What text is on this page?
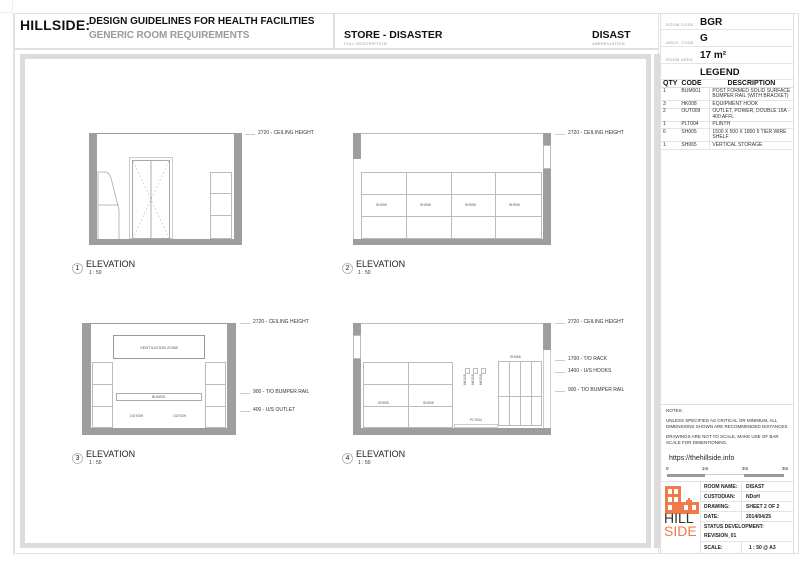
HILLSIDE:
DESIGN GUIDELINES FOR HEALTH FACILITIES
GENERIC ROOM REQUIREMENTS	STORE - DISASTER
FULL DESCRIPTION
DISAST
ABBREVIATION
2720 - CEILING HEIGHT
1 ELEVATION
1 : 50
SH005	SH005	SH005	SH005
2720 - CEILING HEIGHT
2 ELEVATION
1 : 50
VENTILATION ZONE
BUM001
OUT009	OUT009
2720 - CEILING HEIGHT
900 - T/O BUMPER RAIL
400 - U/S OUTLET
3 ELEVATION
1 : 50
SH005	SH005
HK008 HK008 HK008
SH065
PLT004
2720 - CEILING HEIGHT
1700 - T/O RACK
1400 - U/S HOOKS
900 - T/O BUMPER RAIL
4 ELEVATION
1 : 50
ROOM CODE BGR
ARCH. CODE G
ROOM AREA 17 m²
LEGEND
QTY	CODE	DESCRIPTION
1	BUM001	POST FORMED SOLID SURFACE BUMPER RAIL (WITH BRACKET)
3	HK008	EQUIPMENT HOOK
2	OUT009	OUTLET, POWER, DOUBLE 16A - 400 AFFL
1	PLT004	PLINTH
6	SH005	1500 X 500 X 1800 5 TIER WIRE SHELF
1	SH065	VERTICAL STORAGE
NOTES:
UNLESS SPECIFIED AS CRITICAL OR MINIMUM, ALL DIMENSIONS SHOWN ARE RECOMMENDED DISTANCES.
DRAWINGS ARE NOT TO SCALE, MAKE USE OF BAR SCALE FOR DIMENTIONING.
https://thehillside.info
0	1m	2m	3m
HILL
SIDE
ROOM NAME: DISAST
CUSTODIAN: NDoH
DRAWING:	SHEET 2 OF 2
DATE:	2014/04/25
STATUS DEVELOPMENT:
REVISION_01
SCALE:	1 : 50 @ A3
